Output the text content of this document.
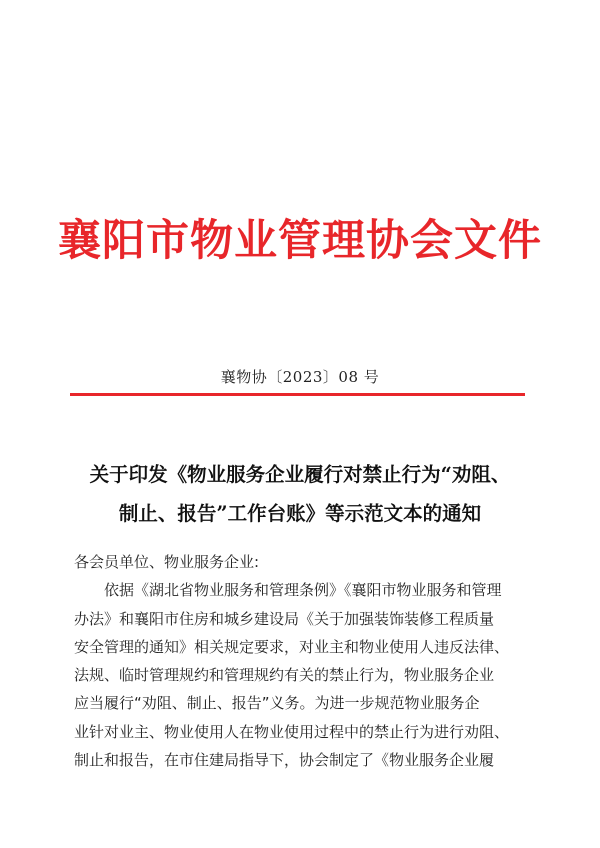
襄阳市物业管理协会文件
襄物协〔2023〕08 号
关于印发《物业服务企业履行对禁止行为“劝阻、
制止、报告”工作台账》等示范文本的通知
各会员单位、物业服务企业:
依据《湖北省物业服务和管理条例》《襄阳市物业服务和管理
办法》和襄阳市住房和城乡建设局《关于加强装饰装修工程质量
安全管理的通知》相关规定要求，对业主和物业使用人违反法律、
法规、临时管理规约和管理规约有关的禁止行为，物业服务企业
应当履行“劝阻、制止、报告”义务。为进一步规范物业服务企
业针对业主、物业使用人在物业使用过程中的禁止行为进行劝阻、
制止和报告，在市住建局指导下，协会制定了《物业服务企业履
